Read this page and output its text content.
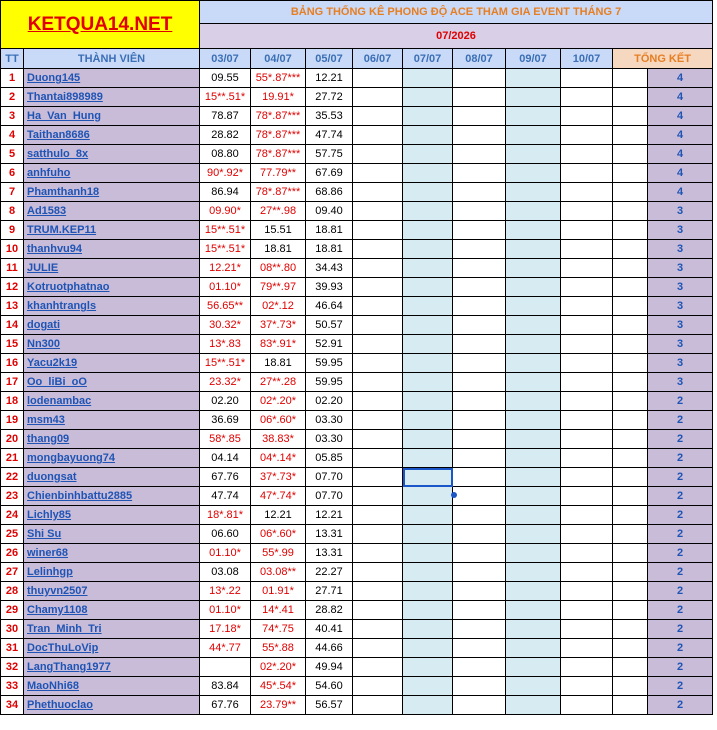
KETQUA14.NET		BẢNG THỐNG KÊ PHONG ĐỘ ACE THAM GIA EVENT THÁNG 7									
		07/2026									
TT	THÀNH VIÊN	03/07	04/07	05/07	06/07	07/07	08/07	09/07	10/07	TỔNG KẾT	
1	Duong145	09.55	55*.87***	12.21							4
2	Thantai898989	15**.51*	19.91*	27.72							4
3	Ha_Van_Hung	78.87	78*.87***	35.53							4
4	Taithan8686	28.82	78*.87***	47.74							4
5	satthulo_8x	08.80	78*.87***	57.75							4
6	anhfuho	90*.92*	77.79**	67.69							4
7	Phamthanh18	86.94	78*.87***	68.86							4
8	Ad1583	09.90*	27**.98	09.40							3
9	TRUM.KEP11	15**.51*	15.51	18.81							3
10	thanhvu94	15**.51*	18.81	18.81							3
11	JULIE	12.21*	08**.80	34.43							3
12	Kotruotphatnao	01.10*	79**.97	39.93							3
13	khanhtrangls	56.65**	02*.12	46.64							3
14	dogati	30.32*	37*.73*	50.57							3
15	Nn300	13*.83	83*.91*	52.91							3
16	Yacu2k19	15**.51*	18.81	59.95							3
17	Oo_liBi_oO	23.32*	27**.28	59.95							3
18	lodenambac	02.20	02*.20*	02.20							2
19	msm43	36.69	06*.60*	03.30							2
20	thang09	58*.85	38.83*	03.30							2
21	mongbayuong74	04.14	04*.14*	05.85							2
22	duongsat	67.76	37*.73*	07.70							2
23	Chienbinhbattu2885	47.74	47*.74*	07.70							2
24	Lichly85	18*.81*	12.21	12.21							2
25	Shi Su	06.60	06*.60*	13.31							2
26	winer68	01.10*	55*.99	13.31							2
27	Lelinhgp	03.08	03.08**	22.27							2
28	thuyvn2507	13*.22	01.91*	27.71							2
29	Chamy1108	01.10*	14*.41	28.82							2
30	Tran_Minh_Tri	17.18*	74*.75	40.41							2
31	DocThuLoVip	44*.77	55*.88	44.66							2
32	LangThang1977		02*.20*	49.94							2
33	MaoNhi68	83.84	45*.54*	54.60							2
34	Phethuoclao	67.76	23.79**	56.57							2
